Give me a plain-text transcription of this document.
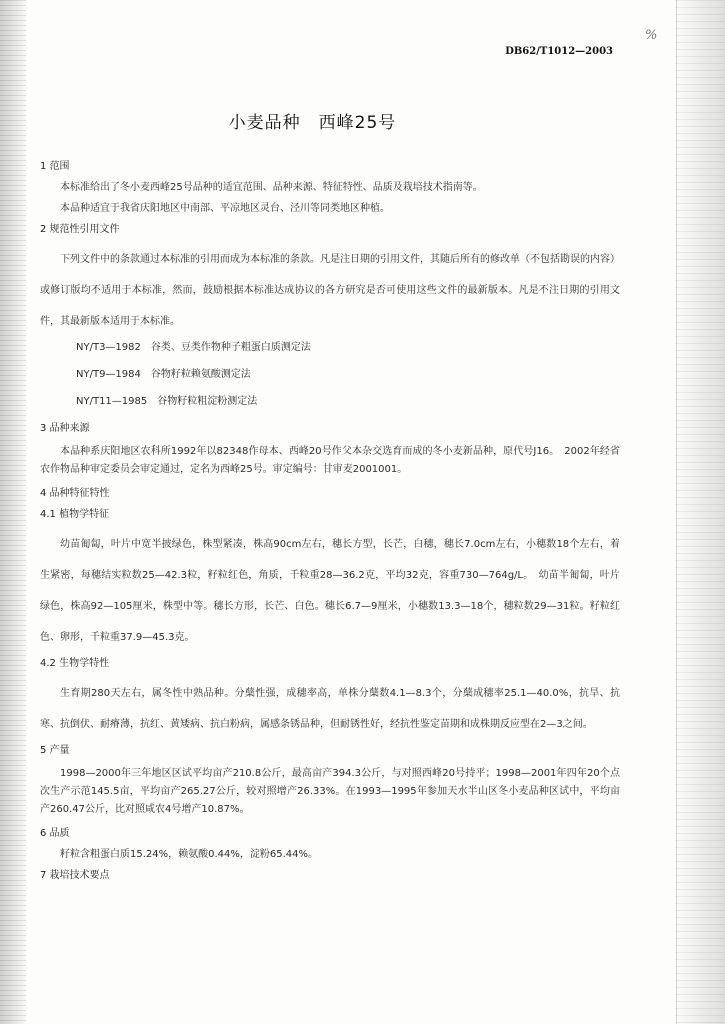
DB62/T1012—2003
%
小麦品种　西峰25号
1 范围
本标准给出了冬小麦西峰25号品种的适宜范围、品种来源、特征特性、品质及栽培技术指南等。
本品种适宜于我省庆阳地区中南部、平凉地区灵台、泾川等同类地区种植。
2 规范性引用文件
下列文件中的条款通过本标准的引用而成为本标准的条款。凡是注日期的引用文件，其随后所有的修改单（不包括勘误的内容）或修订版均不适用于本标准，然而，鼓励根据本标准达成协议的各方研究是否可使用这些文件的最新版本。凡是不注日期的引用文件，其最新版本适用于本标准。
NY/T3—1982　谷类、豆类作物种子粗蛋白质测定法
NY/T9—1984　谷物籽粒赖氨酸测定法
NY/T11—1985　谷物籽粒粗淀粉测定法
3 品种来源
本品种系庆阳地区农科所1992年以82348作母本、西峰20号作父本杂交选育而成的冬小麦新品种，原代号J16。　2002年经省农作物品种审定委员会审定通过，定名为西峰25号。审定编号：甘审麦2001001。
4 品种特征特性
4.1 植物学特征
幼苗匍匐，叶片中宽半披绿色，株型紧凑，株高90cm左右，穗长方型，长芒，白穗，穗长7.0cm左右，小穗数18个左右，着生紧密，每穗结实粒数25—42.3粒，籽粒红色，角质，千粒重28—36.2克，平均32克，容重730—764g/L。　幼苗半匍匐，叶片绿色，株高92—105厘米，株型中等。穗长方形，长芒、白色。穗长6.7—9厘米，小穗数13.3—18个，穗粒数29—31粒。籽粒红色、卵形，千粒重37.9—45.3克。
4.2 生物学特性
生育期280天左右，属冬性中熟品种。分蘖性强，成穗率高，单株分蘖数4.1—8.3个，分蘖成穗率25.1—40.0%，抗旱、抗寒、抗倒伏、耐瘠薄，抗红、黄矮病、抗白粉病，属感条锈品种，但耐锈性好，经抗性鉴定苗期和成株期反应型在2—3之间。
5 产量
1998—2000年三年地区区试平均亩产210.8公斤，最高亩产394.3公斤，与对照西峰20号持平；1998—2001年四年20个点次生产示范145.5亩，平均亩产265.27公斤，较对照增产26.33%。在1993—1995年参加天水半山区冬小麦品种区试中，平均亩产260.47公斤，比对照咸农4号增产10.87%。
6 品质
籽粒含粗蛋白质15.24%，赖氨酸0.44%，淀粉65.44%。
7 栽培技术要点
